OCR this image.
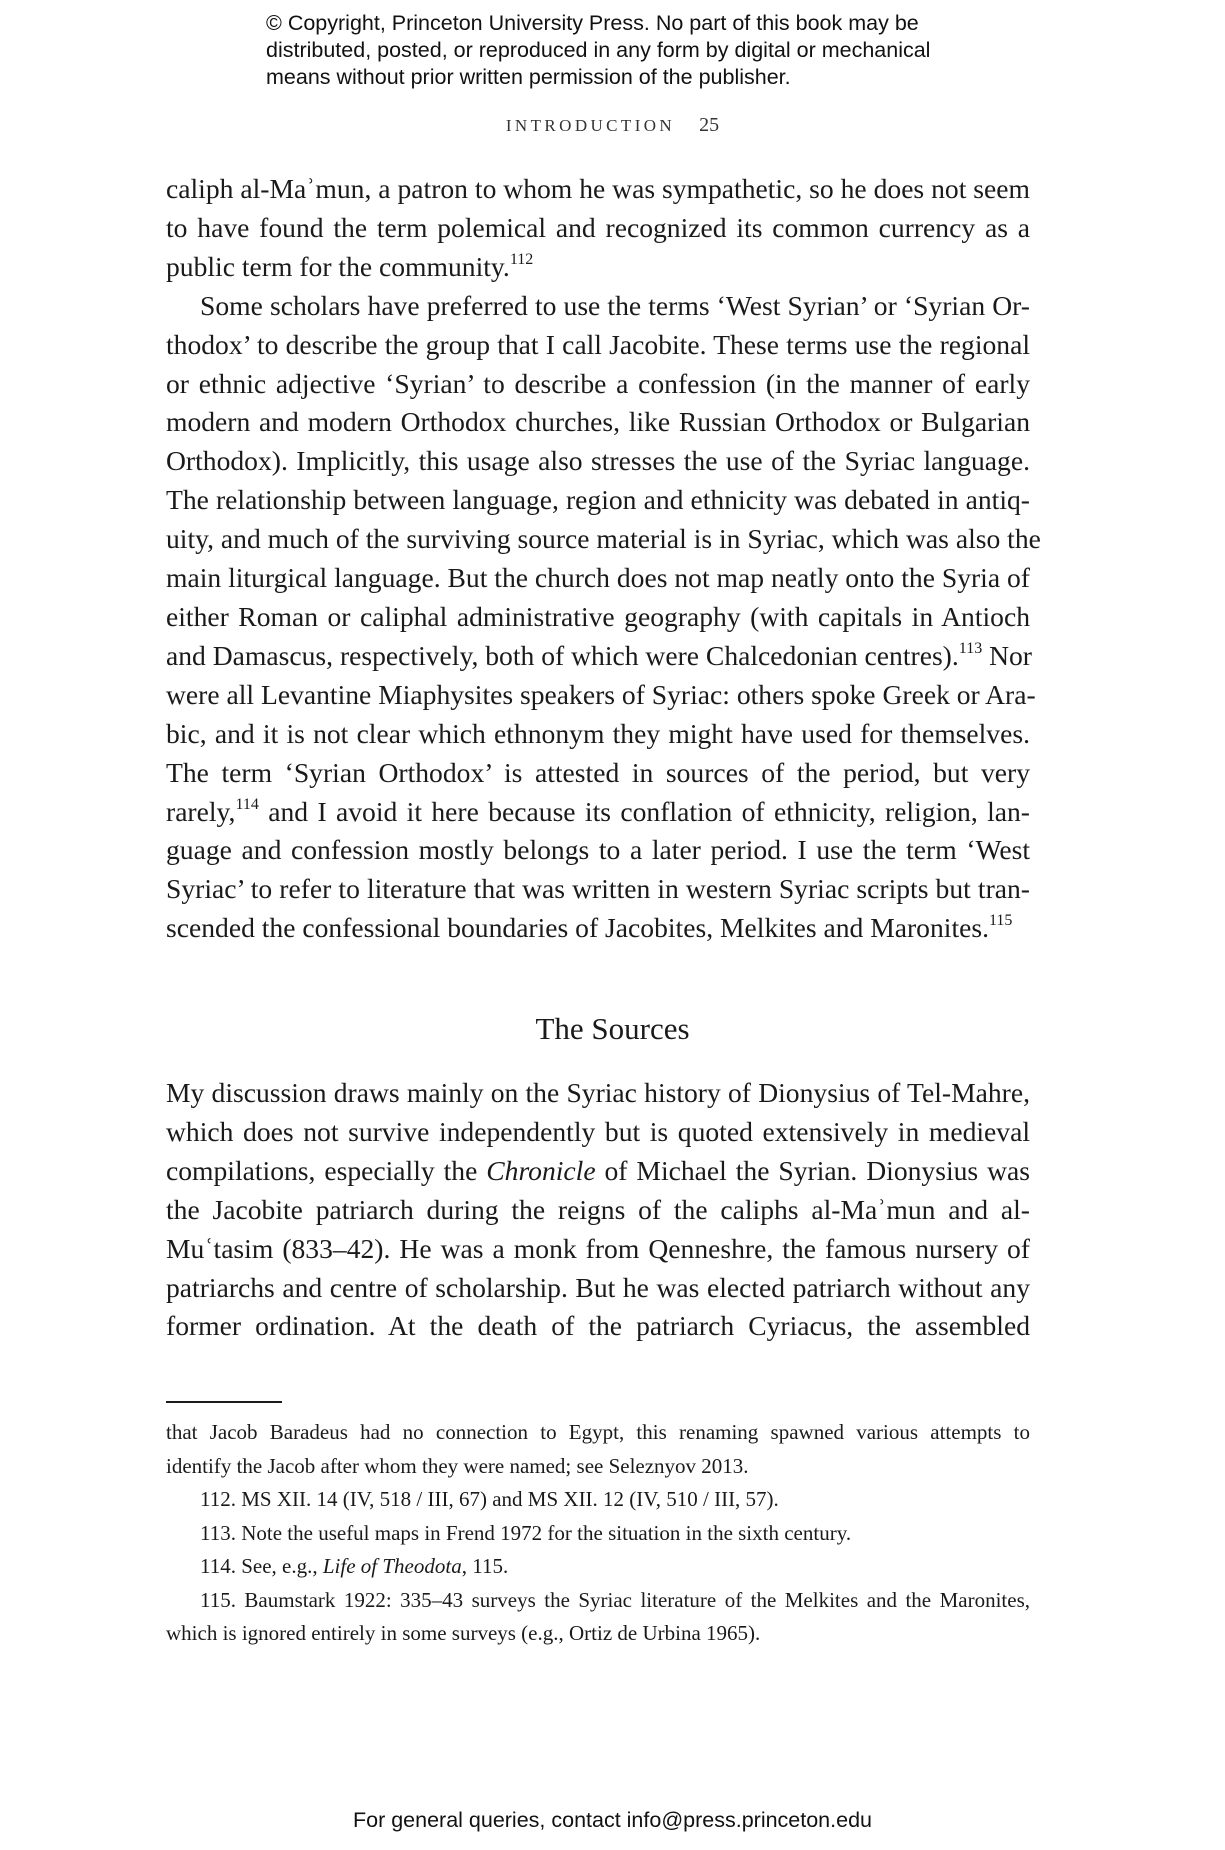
© Copyright, Princeton University Press. No part of this book may be
distributed, posted, or reproduced in any form by digital or mechanical
means without prior written permission of the publisher.
INTRODUCTION 25

caliph al-Maʾmun, a patron to whom he was sympathetic, so he does not seem
to have found the term polemical and recognized its common currency as a
public term for the community.$^{112}$

Some scholars have preferred to use the terms ‘West Syrian’ or ‘Syrian Or-
thodox’ to describe the group that I call Jacobite. These terms use the regional
or ethnic adjective ‘Syrian’ to describe a confession (in the manner of early
modern and modern Orthodox churches, like Russian Orthodox or Bulgarian
Orthodox). Implicitly, this usage also stresses the use of the Syriac language.
The relationship between language, region and ethnicity was debated in antiq-
uity, and much of the surviving source material is in Syriac, which was also the
main liturgical language. But the church does not map neatly onto the Syria of
either Roman or caliphal administrative geography (with capitals in Antioch
and Damascus, respectively, both of which were Chalcedonian centres).$^{113}$ Nor
were all Levantine Miaphysites speakers of Syriac: others spoke Greek or Ara-
bic, and it is not clear which ethnonym they might have used for themselves.
The term ‘Syrian Orthodox’ is attested in sources of the period, but very
rarely,$^{114}$ and I avoid it here because its conflation of ethnicity, religion, lan-
guage and confession mostly belongs to a later period. I use the term ‘West
Syriac’ to refer to literature that was written in western Syriac scripts but tran-
scended the confessional boundaries of Jacobites, Melkites and Maronites.$^{115}$

The Sources
My discussion draws mainly on the Syriac history of Dionysius of Tel-Mahre,
which does not survive independently but is quoted extensively in medieval
compilations, especially the Chronicle of Michael the Syrian. Dionysius was
the Jacobite patriarch during the reigns of the caliphs al-Maʾmun and al-
Muʿtasim (833–42). He was a monk from Qenneshre, the famous nursery of
patriarchs and centre of scholarship. But he was elected patriarch without any
former ordination. At the death of the patriarch Cyriacus, the assembled
that Jacob Baradeus had no connection to Egypt, this renaming spawned various attempts to
identify the Jacob after whom they were named; see Seleznyov 2013.
112. MS XII. 14 (IV, 518 / III, 67) and MS XII. 12 (IV, 510 / III, 57).
113. Note the useful maps in Frend 1972 for the situation in the sixth century.
114. See, e.g., Life of Theodota, 115.
115. Baumstark 1922: 335–43 surveys the Syriac literature of the Melkites and the Maronites,
which is ignored entirely in some surveys (e.g., Ortiz de Urbina 1965).
For general queries, contact info@press.princeton.edu
